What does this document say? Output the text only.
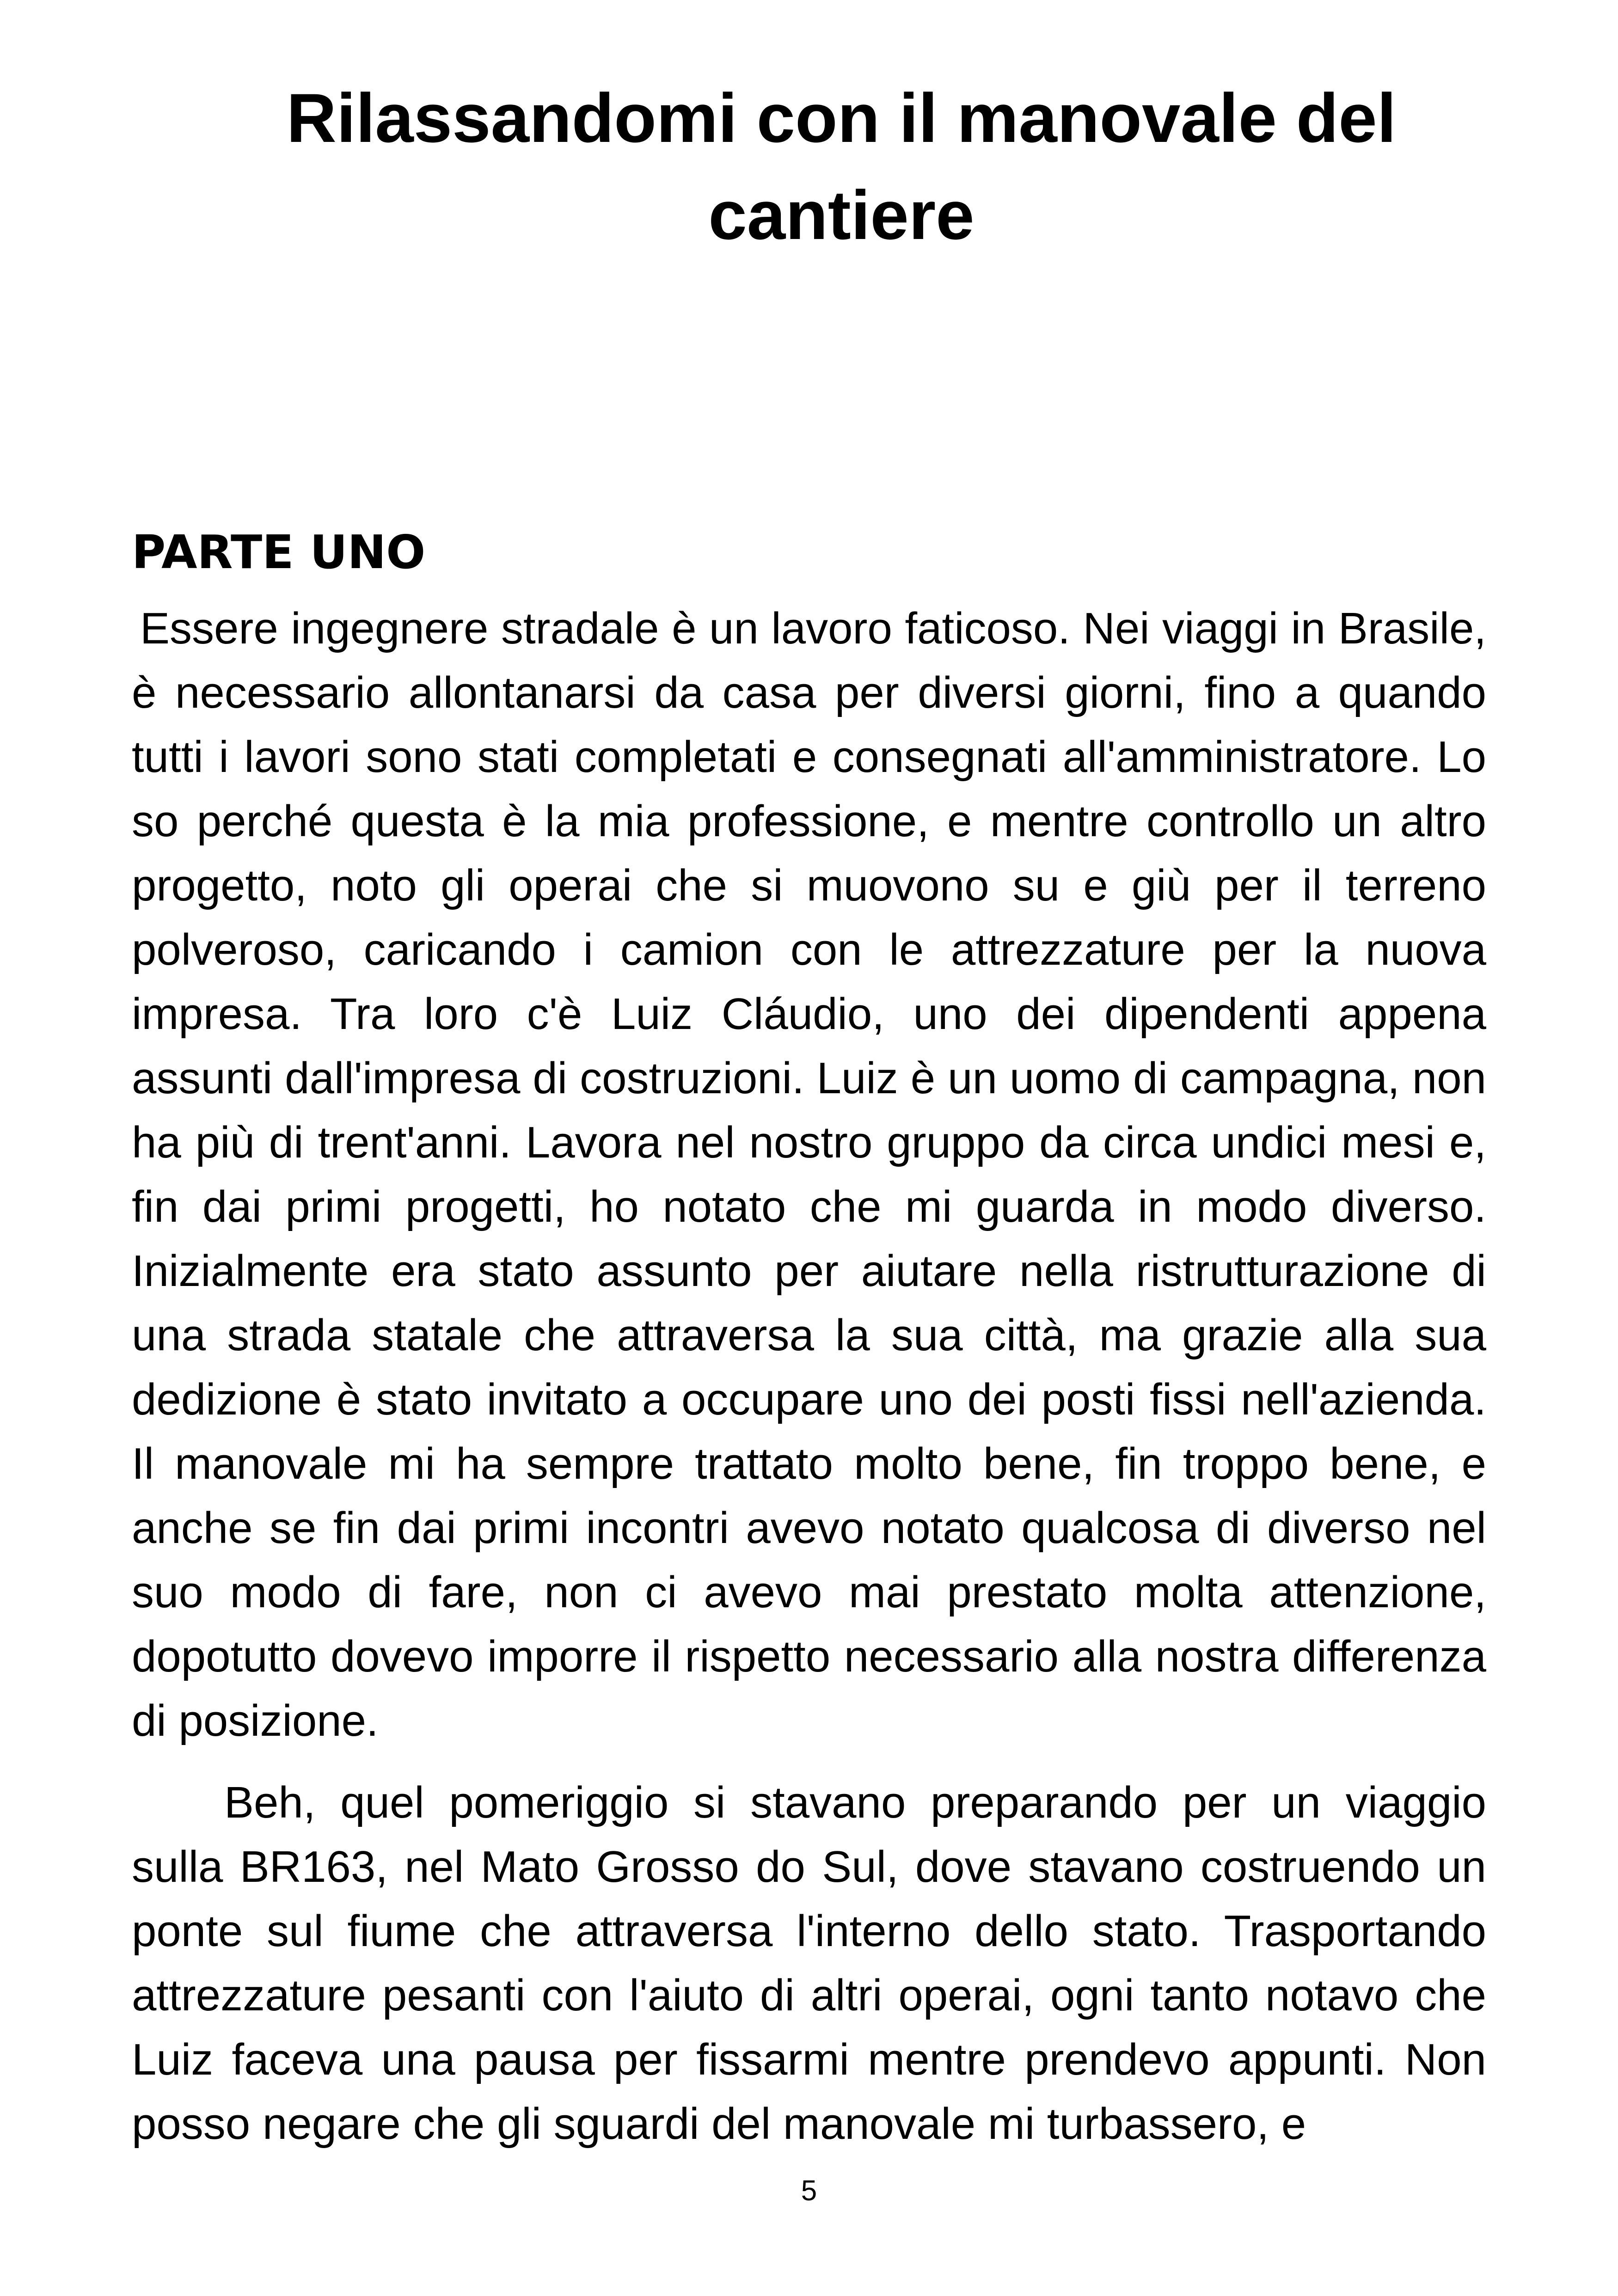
Rilassandomi con il manovale del cantiere
PARTE UNO

Essere ingegnere stradale è un lavoro faticoso. Nei viaggi in Brasile, è necessario allontanarsi da casa per diversi giorni, fino a quando tutti i lavori sono stati completati e consegnati all'amministratore. Lo so perché questa è la mia professione, e mentre controllo un altro progetto, noto gli operai che si muovono su e giù per il terreno polveroso, caricando i camion con le attrezzature per la nuova impresa. Tra loro c'è Luiz Cláudio, uno dei dipendenti appena assunti dall'impresa di costruzioni. Luiz è un uomo di campagna, non ha più di trent'anni. Lavora nel nostro gruppo da circa undici mesi e, fin dai primi progetti, ho notato che mi guarda in modo diverso. Inizialmente era stato assunto per aiutare nella ristrutturazione di una strada statale che attraversa la sua città, ma grazie alla sua dedizione è stato invitato a occupare uno dei posti fissi nell'azienda. Il manovale mi ha sempre trattato molto bene, fin troppo bene, e anche se fin dai primi incontri avevo notato qualcosa di diverso nel suo modo di fare, non ci avevo mai prestato molta attenzione, dopotutto dovevo imporre il rispetto necessario alla nostra differenza di posizione.

Beh, quel pomeriggio si stavano preparando per un viaggio sulla BR163, nel Mato Grosso do Sul, dove stavano costruendo un ponte sul fiume che attraversa l'interno dello stato. Trasportando attrezzature pesanti con l'aiuto di altri operai, ogni tanto notavo che Luiz faceva una pausa per fissarmi mentre prendevo appunti. Non posso negare che gli sguardi del manovale mi turbassero, e

5
